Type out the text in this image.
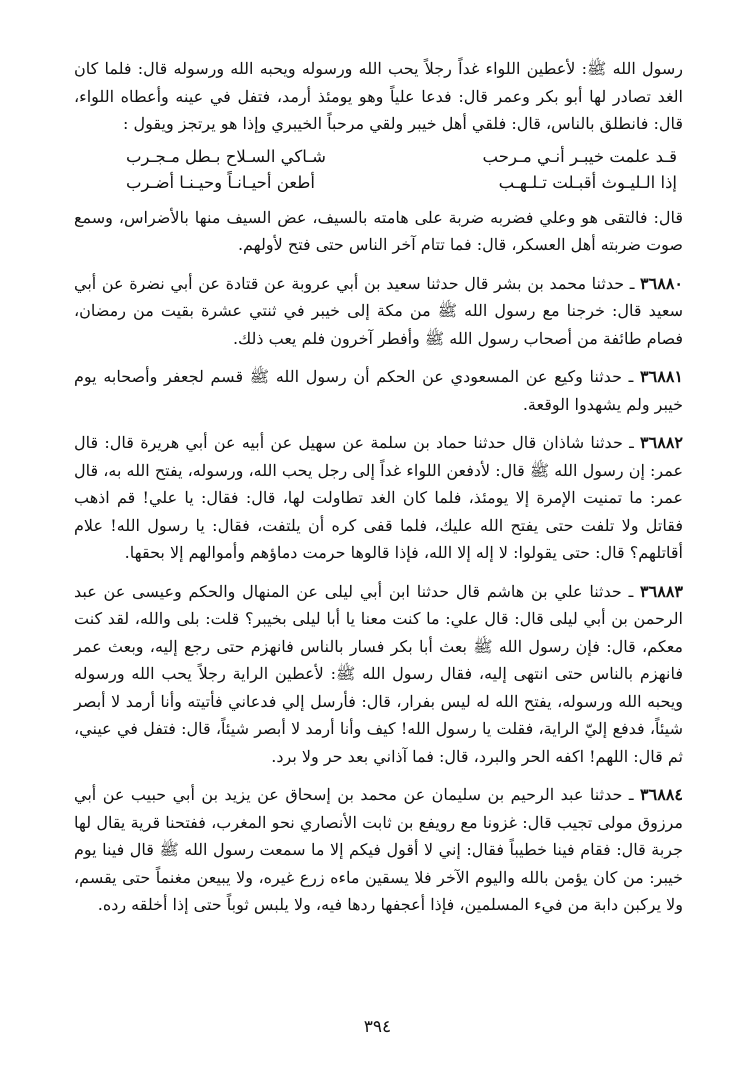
رسول الله ﷺ: لأعطين اللواء غداً رجلاً يحب الله ورسوله ويحبه الله ورسوله قال: فلما كان الغد تصادر لها أبو بكر وعمر قال: فدعا علياً وهو يومئذ أرمد، فتفل في عينه وأعطاه اللواء، قال: فانطلق بالناس، قال: فلقي أهل خيبر ولقي مرحباً الخيبري وإذا هو يرتجز ويقول :

قـد علمت خيبـر أنـي مـرحب
شـاكي السـلاح بـطل مـجـرب
إذا الـليـوث أقبـلت تـلـهـب
أطعن أحيـانـاً وحيـنـا أضـرب

قال: فالتقى هو وعلي فضربه ضربة على هامته بالسيف، عض السيف منها بالأضراس، وسمع صوت ضربته أهل العسكر، قال: فما تتام آخر الناس حتى فتح لأولهم.

٣٦٨٨٠ ـ حدثنا محمد بن بشر قال حدثنا سعيد بن أبي عروبة عن قتادة عن أبي نضرة عن أبي سعيد قال: خرجنا مع رسول الله ﷺ من مكة إلى خيبر في ثنتي عشرة بقيت من رمضان، فصام طائفة من أصحاب رسول الله ﷺ وأفطر آخرون فلم يعب ذلك.

٣٦٨٨١ ـ حدثنا وكيع عن المسعودي عن الحكم أن رسول الله ﷺ قسم لجعفر وأصحابه يوم خيبر ولم يشهدوا الوقعة.

٣٦٨٨٢ ـ حدثنا شاذان قال حدثنا حماد بن سلمة عن سهيل عن أبيه عن أبي هريرة قال: قال عمر: إن رسول الله ﷺ قال: لأدفعن اللواء غداً إلى رجل يحب الله، ورسوله، يفتح الله به، قال عمر: ما تمنيت الإمرة إلا يومئذ، فلما كان الغد تطاولت لها، قال: فقال: يا علي! قم اذهب فقاتل ولا تلفت حتى يفتح الله عليك، فلما قفى كره أن يلتفت، فقال: يا رسول الله! علام أقاتلهم؟ قال: حتى يقولوا: لا إله إلا الله، فإذا قالوها حرمت دماؤهم وأموالهم إلا بحقها.

٣٦٨٨٣ ـ حدثنا علي بن هاشم قال حدثنا ابن أبي ليلى عن المنهال والحكم وعيسى عن عبد الرحمن بن أبي ليلى قال: قال علي: ما كنت معنا يا أبا ليلى بخيبر؟ قلت: بلى والله، لقد كنت معكم، قال: فإن رسول الله ﷺ بعث أبا بكر فسار بالناس فانهزم حتى رجع إليه، وبعث عمر فانهزم بالناس حتى انتهى إليه، فقال رسول الله ﷺ: لأعطين الراية رجلاً يحب الله ورسوله ويحبه الله ورسوله، يفتح الله له ليس بفرار، قال: فأرسل إلي فدعاني فأتيته وأنا أرمد لا أبصر شيئاً، فدفع إليّ الراية، فقلت يا رسول الله! كيف وأنا أرمد لا أبصر شيئاً، قال: فتفل في عيني، ثم قال: اللهم! اكفه الحر والبرد، قال: فما آذاني بعد حر ولا برد.

٣٦٨٨٤ ـ حدثنا عبد الرحيم بن سليمان عن محمد بن إسحاق عن يزيد بن أبي حبيب عن أبي مرزوق مولى تجيب قال: غزونا مع رويفع بن ثابت الأنصاري نحو المغرب، ففتحنا قرية يقال لها جربة قال: فقام فينا خطيباً فقال: إني لا أقول فيكم إلا ما سمعت رسول الله ﷺ قال فينا يوم خيبر: من كان يؤمن بالله واليوم الآخر فلا يسقين ماءه زرع غيره، ولا يبيعن مغنماً حتى يقسم، ولا يركبن دابة من فيء المسلمين، فإذا أعجفها ردها فيه، ولا يلبس ثوباً حتى إذا أخلقه رده.

٣٩٤
